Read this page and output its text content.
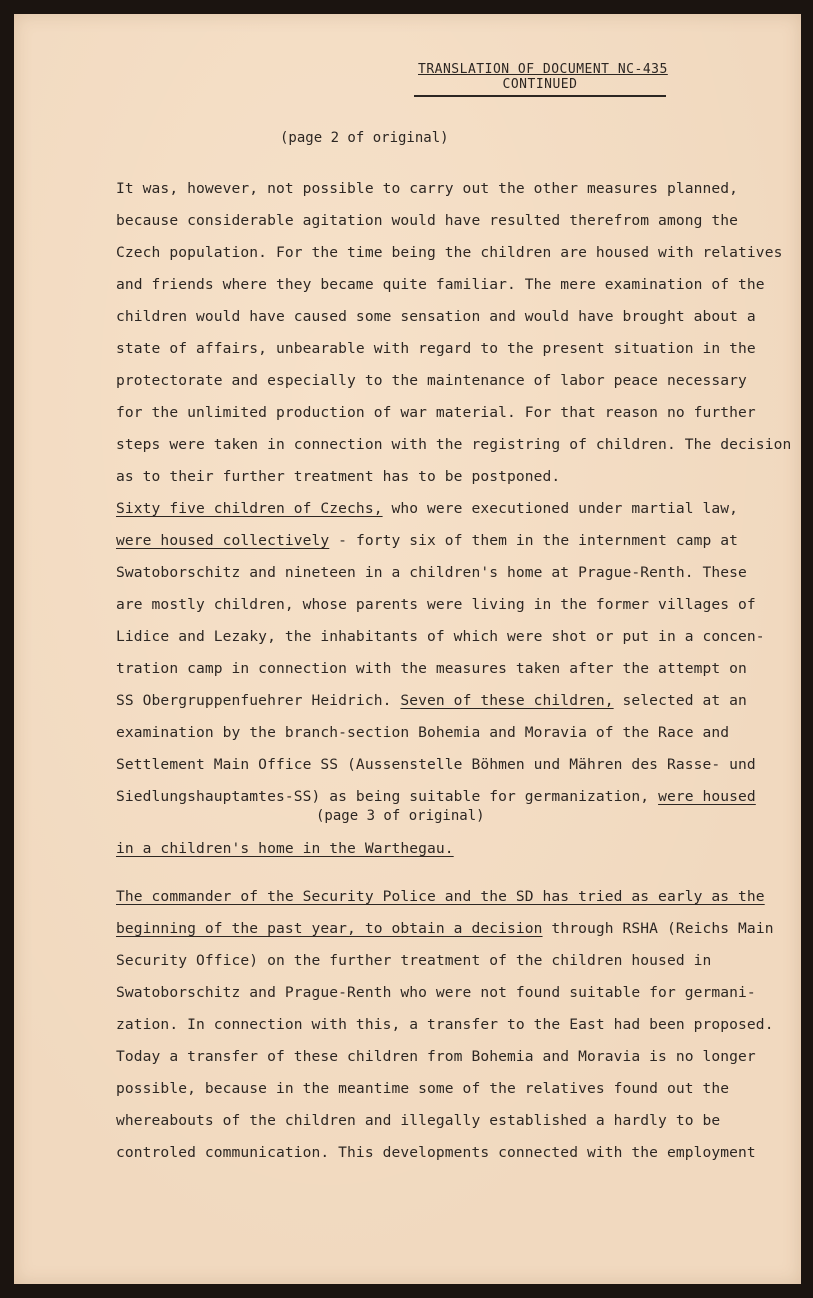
TRANSLATION OF DOCUMENT NC-435
CONTINUED
(page 2 of original)
It was, however, not possible to carry out the other measures planned,
because considerable agitation would have resulted therefrom among the
Czech population. For the time being the children are housed with relatives
and friends where they became quite familiar. The mere examination of the
children would have caused some sensation and would have brought about a
state of affairs, unbearable with regard to the present situation in the
protectorate and especially to the maintenance of labor peace necessary
for the unlimited production of war material. For that reason no further
steps were taken in connection with the registring of children. The decision
as to their further treatment has to be postponed.
Sixty five children of Czechs, who were executioned under martial law,
were housed collectively - forty six of them in the internment camp at
Swatoborschitz and nineteen in a children's home at Prague-Renth. These
are mostly children, whose parents were living in the former villages of
Lidice and Lezaky, the inhabitants of which were shot or put in a concen-
tration camp in connection with the measures taken after the attempt on
SS Obergruppenfuehrer Heidrich. Seven of these children, selected at an
examination by the branch-section Bohemia and Moravia of the Race and
Settlement Main Office SS (Aussenstelle Böhmen und Mähren des Rasse- und
Siedlungshauptamtes-SS) as being suitable for germanization, were housed
(page 3 of original)
in a children's home in the Warthegau.
The commander of the Security Police and the SD has tried as early as the
beginning of the past year, to obtain a decision through RSHA (Reichs Main
Security Office) on the further treatment of the children housed in
Swatoborschitz and Prague-Renth who were not found suitable for germani-
zation. In connection with this, a transfer to the East had been proposed.
Today a transfer of these children from Bohemia and Moravia is no longer
possible, because in the meantime some of the relatives found out the
whereabouts of the children and illegally established a hardly to be
controled communication. This developments connected with the employment
